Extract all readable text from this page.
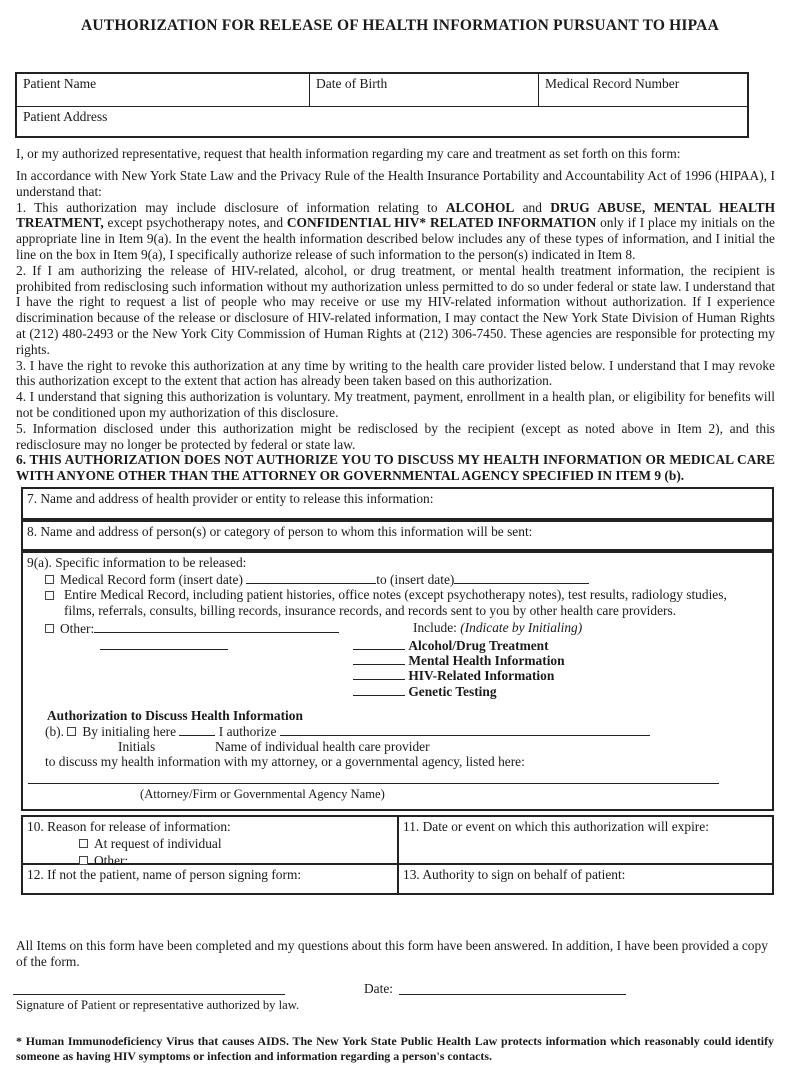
AUTHORIZATION FOR RELEASE OF HEALTH INFORMATION PURSUANT TO HIPAA
Patient Name	Date of Birth	Medical Record Number
Patient Address
I, or my authorized representative, request that health information regarding my care and treatment as set forth on this form:

In accordance with New York State Law and the Privacy Rule of the Health Insurance Portability and Accountability Act of 1996 (HIPAA), I understand that:

1. This authorization may include disclosure of information relating to ALCOHOL and DRUG ABUSE, MENTAL HEALTH TREATMENT, except psychotherapy notes, and CONFIDENTIAL HIV* RELATED INFORMATION only if I place my initials on the appropriate line in Item 9(a). In the event the health information described below includes any of these types of information, and I initial the line on the box in Item 9(a), I specifically authorize release of such information to the person(s) indicated in Item 8.

2. If I am authorizing the release of HIV-related, alcohol, or drug treatment, or mental health treatment information, the recipient is prohibited from redisclosing such information without my authorization unless permitted to do so under federal or state law. I understand that I have the right to request a list of people who may receive or use my HIV-related information without authorization. If I experience discrimination because of the release or disclosure of HIV-related information, I may contact the New York State Division of Human Rights at (212) 480-2493 or the New York City Commission of Human Rights at (212) 306-7450. These agencies are responsible for protecting my rights.

3. I have the right to revoke this authorization at any time by writing to the health care provider listed below. I understand that I may revoke this authorization except to the extent that action has already been taken based on this authorization.

4. I understand that signing this authorization is voluntary. My treatment, payment, enrollment in a health plan, or eligibility for benefits will not be conditioned upon my authorization of this disclosure.

5. Information disclosed under this authorization might be redisclosed by the recipient (except as noted above in Item 2), and this redisclosure may no longer be protected by federal or state law.

6. THIS AUTHORIZATION DOES NOT AUTHORIZE YOU TO DISCUSS MY HEALTH INFORMATION OR MEDICAL CARE WITH ANYONE OTHER THAN THE ATTORNEY OR GOVERNMENTAL AGENCY SPECIFIED IN ITEM 9 (b).

7. Name and address of health provider or entity to release this information:
8. Name and address of person(s) or category of person to whom this information will be sent:
9(a). Specific information to be released:
Medical Record form (insert date)	to (insert date)
Entire Medical Record, including patient histories, office notes (except psychotherapy notes), test results, radiology studies, films, referrals, consults, billing records, insurance records, and records sent to you by other health care providers.
Other:	Include: (Indicate by Initialing)
Alcohol/Drug Treatment
Mental Health Information
HIV-Related Information
Genetic Testing
Authorization to Discuss Health Information
(b). By initialing here	I authorize
Initials	Name of individual health care provider
to discuss my health information with my attorney, or a governmental agency, listed here:
(Attorney/Firm or Governmental Agency Name)
10. Reason for release of information:
At request of individual
Other:
11. Date or event on which this authorization will expire:
12. If not the patient, name of person signing form:	13. Authority to sign on behalf of patient:
All Items on this form have been completed and my questions about this form have been answered. In addition, I have been provided a copy of the form.
Date:
Signature of Patient or representative authorized by law.
* Human Immunodeficiency Virus that causes AIDS. The New York State Public Health Law protects information which reasonably could identify someone as having HIV symptoms or infection and information regarding a person's contacts.
